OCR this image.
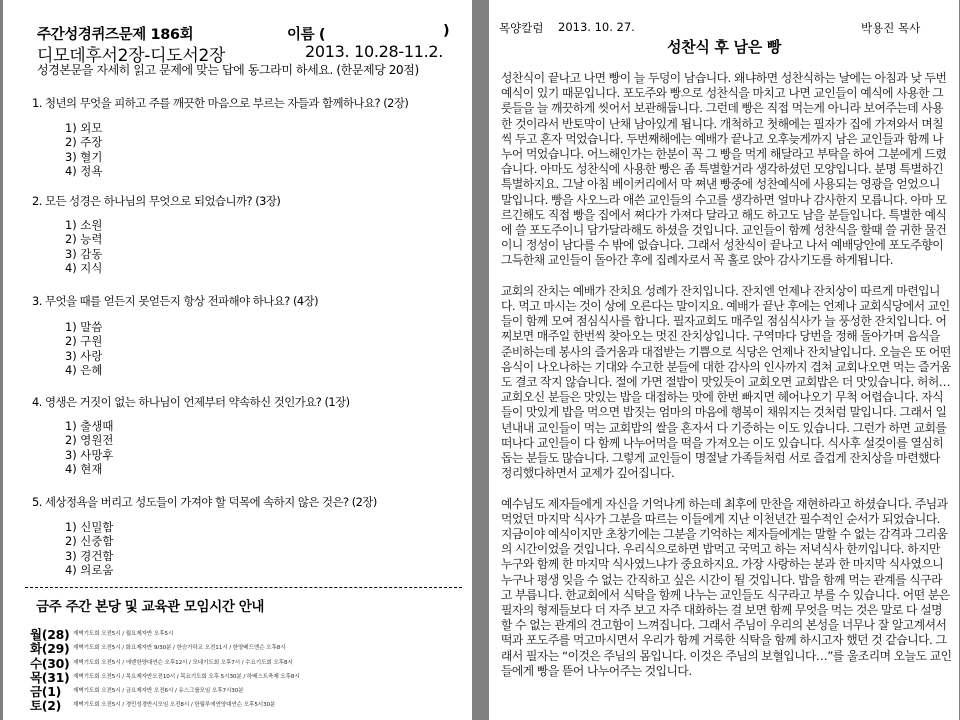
주간성경퀴즈문제 186회	이름 (	)
디모데후서2장-디도서2장	2013. 10.28-11.2.
성경본문을 자세히 읽고 문제에 맞는 답에 동그라미 하세요. (한문제당 20점)
1. 청년의 무엇을 피하고 주를 깨끗한 마음으로 부르는 자들과 함께하나요? (2장)
1) 외모
2) 주장
3) 혈기
4) 정욕
2. 모든 성경은 하나님의 무엇으로 되었습니까? (3장)
1) 소원
2) 능력
3) 감동
4) 지식
3. 무엇을 때를 얻든지 못얻든지 항상 전파해야 하나요? (4장)
1) 말씀
2) 구원
3) 사랑
4) 은혜
4. 영생은 거짓이 없는 하나님이 언제부터 약속하신 것인가요? (1장)
1) 출생때
2) 영원전
3) 사망후
4) 현재
5. 세상정욕을 버리고 성도들이 가져야 할 덕목에 속하지 않은 것은? (2장)
1) 신밀함
2) 신중함
3) 경건함
4) 의로움
금주 주간 본당 및 교육관 모임시간 안내
월(28) 재벽기도회 오전5시 / 월요제자반 오후5시
화(29) 재벽기도회 오전5시 / 화요제자반 9/30분 / 한승가하교 오전11시 / 한양베드엔슨 오후8시
수(30) 재벽기도회 오전5시 / 에덴한양대연슨 오후12시 / 모네기도회 오후7시 / 수요기도회 오후8시
목(31) 재벽기도회 오전5시 / 목요제자반오전10시 / 목요기도회 오후 5시30분 / 하베스트축제 오후8시
금(1) 재벽기도회 오전5시 / 금요제자반 오전6시 / 유스그룹모임 오후7시30분
토(2) 재벽기도회 오전5시 / 경민성경반시모임 오전8시 / 한월루에연양대연슨 오후5시30분
목양칼럼 2013. 10. 27.	박용진 목사
성찬식 후 남은 빵

성찬식이 끝나고 나면 빵이 늘 두덩이 남습니다. 왜냐하면 성찬식하는 날에는 아침과 낮 두번예식이 있기 때문입니다. 포도주와 빵으로 성찬식을 마치고 나면 교인들이 예식에 사용한 그릇들을 늘 깨끗하게 씻어서 보관해둡니다. 그런데 빵은 직접 먹는게 아니라 보여주는데 사용한 것이라서 반토막이 난채 남아있게 됩니다. 개척하고 첫해에는 필자가 집에 가져와서 며칠씩 두고 혼자 먹었습니다. 두번째해에는 예배가 끝나고 오후늦게까지 남은 교인들과 함께 나누어 먹었습니다. 어느해인가는 한분이 꼭 그 빵을 먹게 해달라고 부탁을 하여 그분에게 드렸습니다. 아마도 성찬식에 사용한 빵은 좀 특별할거라 생각하셨던 모양입니다. 분명 특별하긴 특별하지요. 그날 아침 베이커리에서 막 쪄낸 빵중에 성찬예식에 사용되는 영광을 얻었으니 말입니다. 빵을 사오느라 애쓴 교인들의 수고를 생각하면 얼마나 감사한지 모릅니다. 아마 모르긴해도 직접 빵을 집에서 쪄다가 가져다 달라고 해도 하고도 남을 분들입니다. 특별한 예식에 쓸 포도주이니 담가달라해도 하셨을 것입니다. 교인들이 함께 성찬식을 할때 쓸 귀한 물건이니 정성이 남다를 수 밖에 없습니다. 그래서 성찬식이 끝나고 나서 예배당안에 포도주향이 그득한채 교인들이 돌아간 후에 집례자로서 꼭 홀로 앉아 감사기도를 하게됩니다.

교회의 잔치는 예배가 잔치요 성례가 잔치입니다. 잔치엔 언제나 잔치상이 따르게 마련입니다. 먹고 마시는 것이 상에 오른다는 말이지요. 예배가 끝난 후에는 언제나 교회식당에서 교인들이 함께 모여 점심식사를 합니다. 필자교회도 매주일 점심식사가 늘 풍성한 잔치입니다. 어찌보면 매주일 한번씩 찾아오는 멋진 잔치상입니다. 구역마다 당번을 정해 돌아가며 음식을 준비하는데 봉사의 즐거움과 대접받는 기쁨으로 식당은 언제나 잔치날입니다. 오늘은 또 어떤 음식이 나오나하는 기대와 수고한 분들에 대한 감사의 인사까지 겹쳐 교회나오면 먹는 즐거움도 결코 작지 않습니다. 절에 가면 절밥이 맛있듯이 교회오면 교회밥은 더 맛있습니다. 허허… 교회오신 분들은 맛있는 밥을 대접하는 맛에 한번 빠지면 헤어나오기 무척 어렵습니다. 자식들이 맛있게 밥을 먹으면 밥짓는 엄마의 마음에 행복이 채워지는 것처럼 말입니다. 그래서 일년내내 교인들이 먹는 교회밥의 쌀을 혼자서 다 기증하는 이도 있습니다. 그런가 하면 교회를 떠나다 교인들이 다 함께 나누어먹을 떡을 가져오는 이도 있습니다. 식사후 설겆이를 열심히 돕는 분들도 많습니다. 그렇게 교인들이 명절날 가족들처럼 서로 즐겁게 잔치상을 마련했다 정리했다하면서 교제가 깊어집니다.

예수님도 제자들에게 자신을 기억나게 하는데 최후에 만찬을 재현하라고 하셨습니다. 주님과 먹었던 마지막 식사가 그분을 따르는 이들에게 지난 이천년간 필수적인 순서가 되었습니다. 지금이야 예식이지만 초창기에는 그분을 기억하는 제자들에게는 말할 수 없는 감격과 그리움의 시간이었을 것입니다. 우리식으로하면 밥먹고 국먹고 하는 저녁식사 한끼입니다. 하지만 누구와 함께 한 마지막 식사였느냐가 중요하지요. 가장 사랑하는 분과 한 마지막 식사였으니 누구나 평생 잊을 수 없는 간직하고 싶은 시간이 될 것입니다. 밥을 함께 먹는 관계를 식구라고 부릅니다. 한교회에서 식탁을 함께 나누는 교인들도 식구라고 부를 수 있습니다. 어떤 분은 필자의 형제들보다 더 자주 보고 자주 대화하는 걸 보면 함께 무엇을 먹는 것은 말로 다 설명할 수 없는 관계의 견고함이 느껴집니다. 그래서 주님이 우리의 본성을 너무나 잘 알고계셔서 떡과 포도주를 먹고마시면서 우리가 함께 거룩한 식탁을 함께 하시고자 했던 것 같습니다. 그래서 필자는 “이것은 주님의 몸입니다. 이것은 주님의 보혈입니다…”를 울조리며 오늘도 교인들에게 빵을 뜯어 나누어주는 것입니다.
